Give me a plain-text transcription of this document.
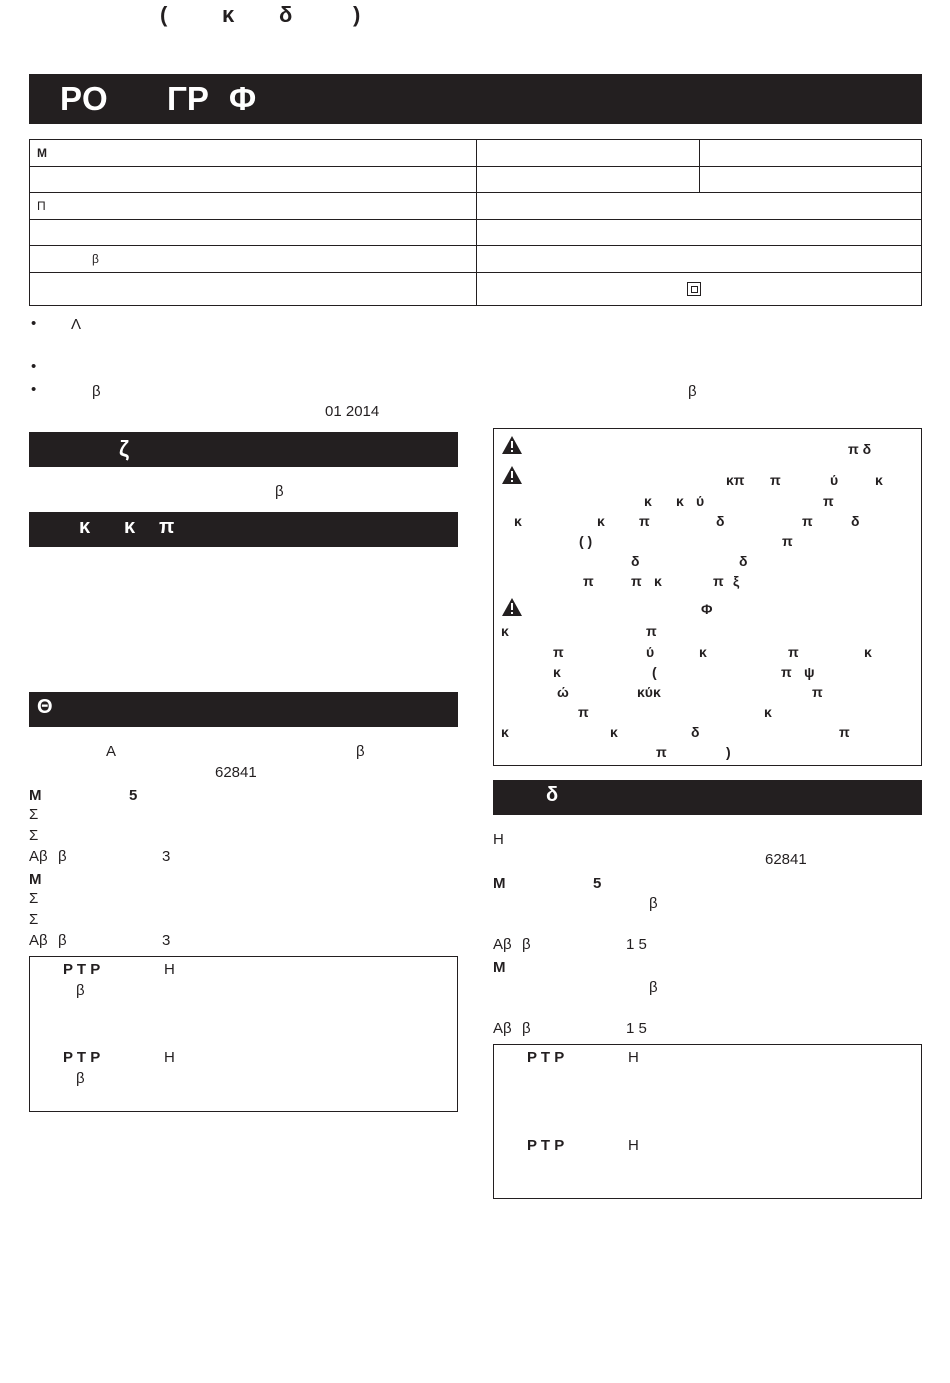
( κ δ	)
PO ΓP Φ
M		

Π		

β		

• Λ
•
•	β	β
01 2014
ζ
β
κ κ π
Θ
A	β
62841
M	5
Σ
Σ
Aβ β	3
M
Σ
Σ
Aβ β	3
P T P	H
β
P T P	H
β
π δ
κπ π	ύ	κ
κ κ ύ	π
κ	κ π	δ	π	δ
( )	π
δ	δ
π	π κ	π ξ
Φ
κ	π
π	ύ	κ	π	κ
κ	(	π ψ
ώ	κύκ	π
π	κ
κ	κ	δ	π
π	)
δ
H
62841
M	5
β
Aβ β	1 5
M
β
Aβ β	1 5
P T P	H
P T P	H
